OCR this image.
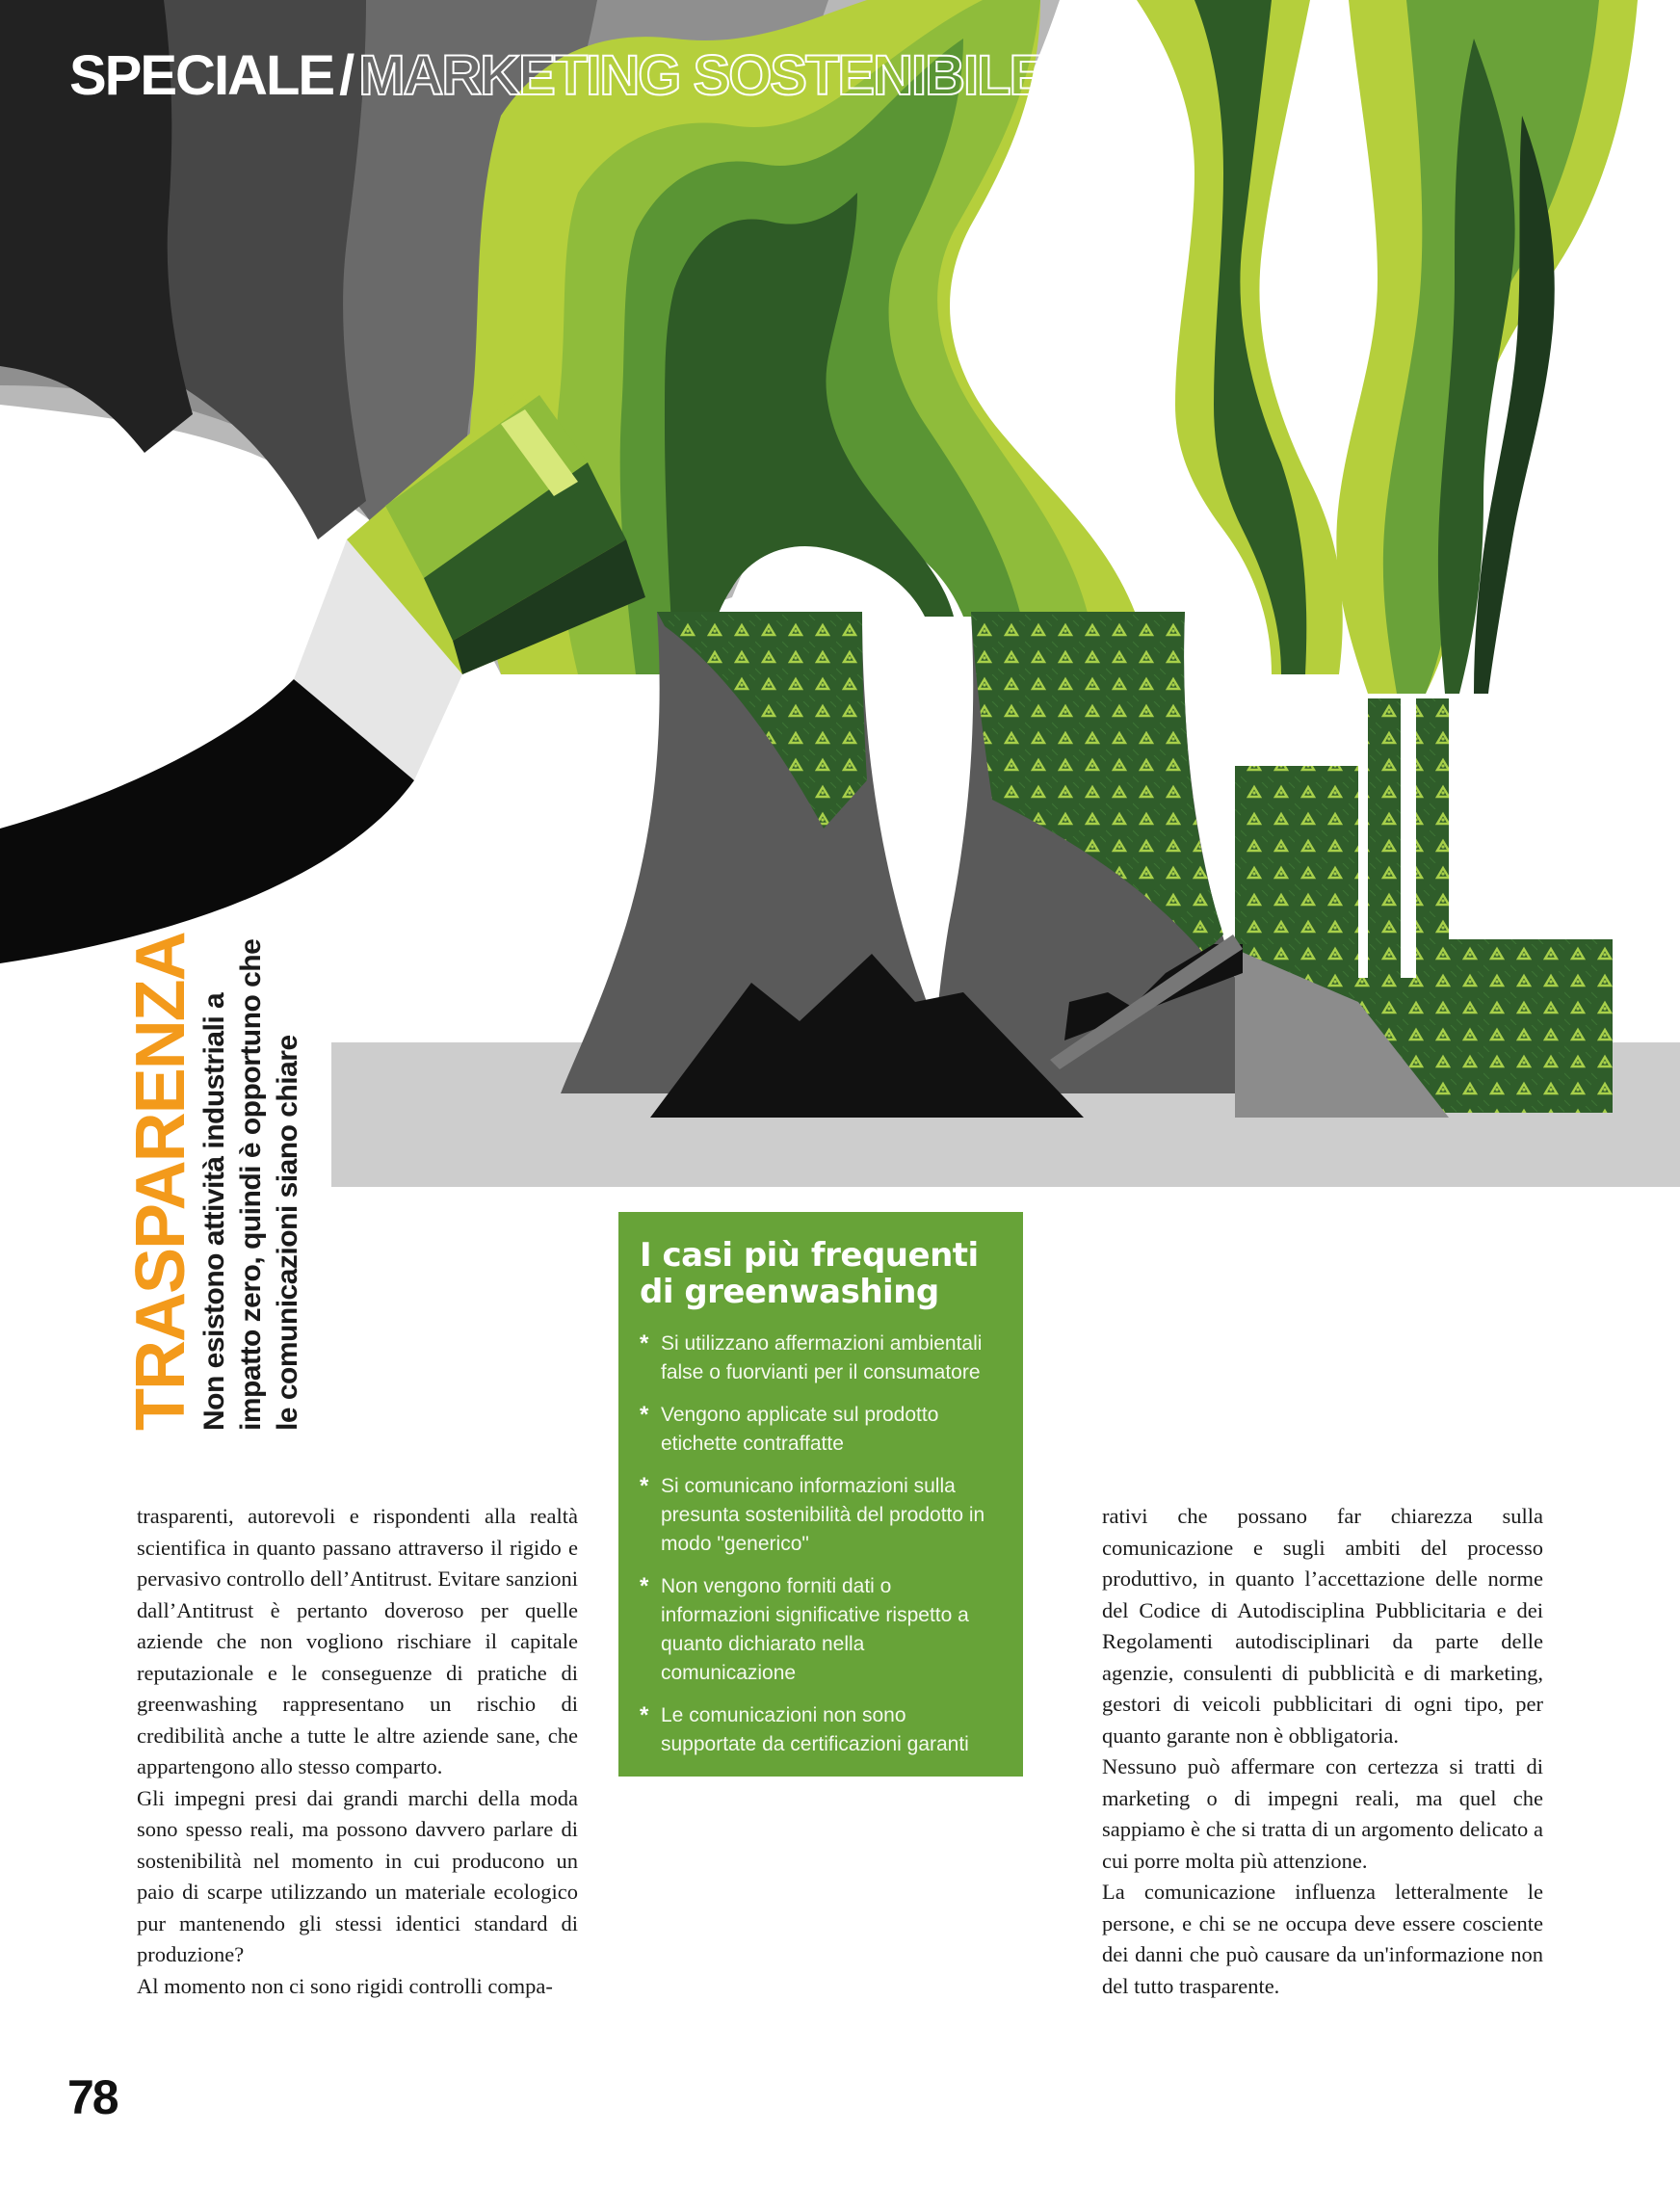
SPECIALE / MARKETING SOSTENIBILE
TRASPARENZA Non esistono attività industriali a impatto zero, quindi è opportuno che le comunicazioni siano chiare

trasparenti, autorevoli e rispondenti alla realtà scientifica in quanto passano attraverso il rigido e pervasivo controllo dell’Antitrust. Evitare sanzioni dall’Antitrust è pertanto doveroso per quelle aziende che non vogliono rischiare il capitale reputazionale e le conseguenze di pratiche di greenwashing rappresentano un rischio di credibilità anche a tutte le altre aziende sane, che appartengono allo stesso comparto.

Gli impegni presi dai grandi marchi della moda sono spesso reali, ma possono davvero parlare di sostenibilità nel momento in cui producono un paio di scarpe utilizzando un materiale ecologico pur mantenendo gli stessi identici standard di produzione?

Al momento non ci sono rigidi controlli compa-

I casi più frequenti di greenwashing
* Si utilizzano affermazioni ambientali false o fuorvianti per il consumatore
* Vengono applicate sul prodotto etichette contraffatte
* Si comunicano informazioni sulla presunta sostenibilità del prodotto in modo "generico"
* Non vengono forniti dati o informazioni significative rispetto a quanto dichiarato nella comunicazione
* Le comunicazioni non sono supportate da certificazioni garanti

rativi che possano far chiarezza sulla comunicazione e sugli ambiti del processo produttivo, in quanto l’accettazione delle norme del Codice di Autodisciplina Pubblicitaria e dei Regolamenti autodisciplinari da parte delle agenzie, consulenti di pubblicità e di marketing, gestori di veicoli pubblicitari di ogni tipo, per quanto garante non è obbligatoria.

Nessuno può affermare con certezza si tratti di marketing o di impegni reali, ma quel che sappiamo è che si tratta di un argomento delicato a cui porre molta più attenzione.

La comunicazione influenza letteralmente le persone, e chi se ne occupa deve essere cosciente dei danni che può causare da un'informazione non del tutto trasparente.

78
